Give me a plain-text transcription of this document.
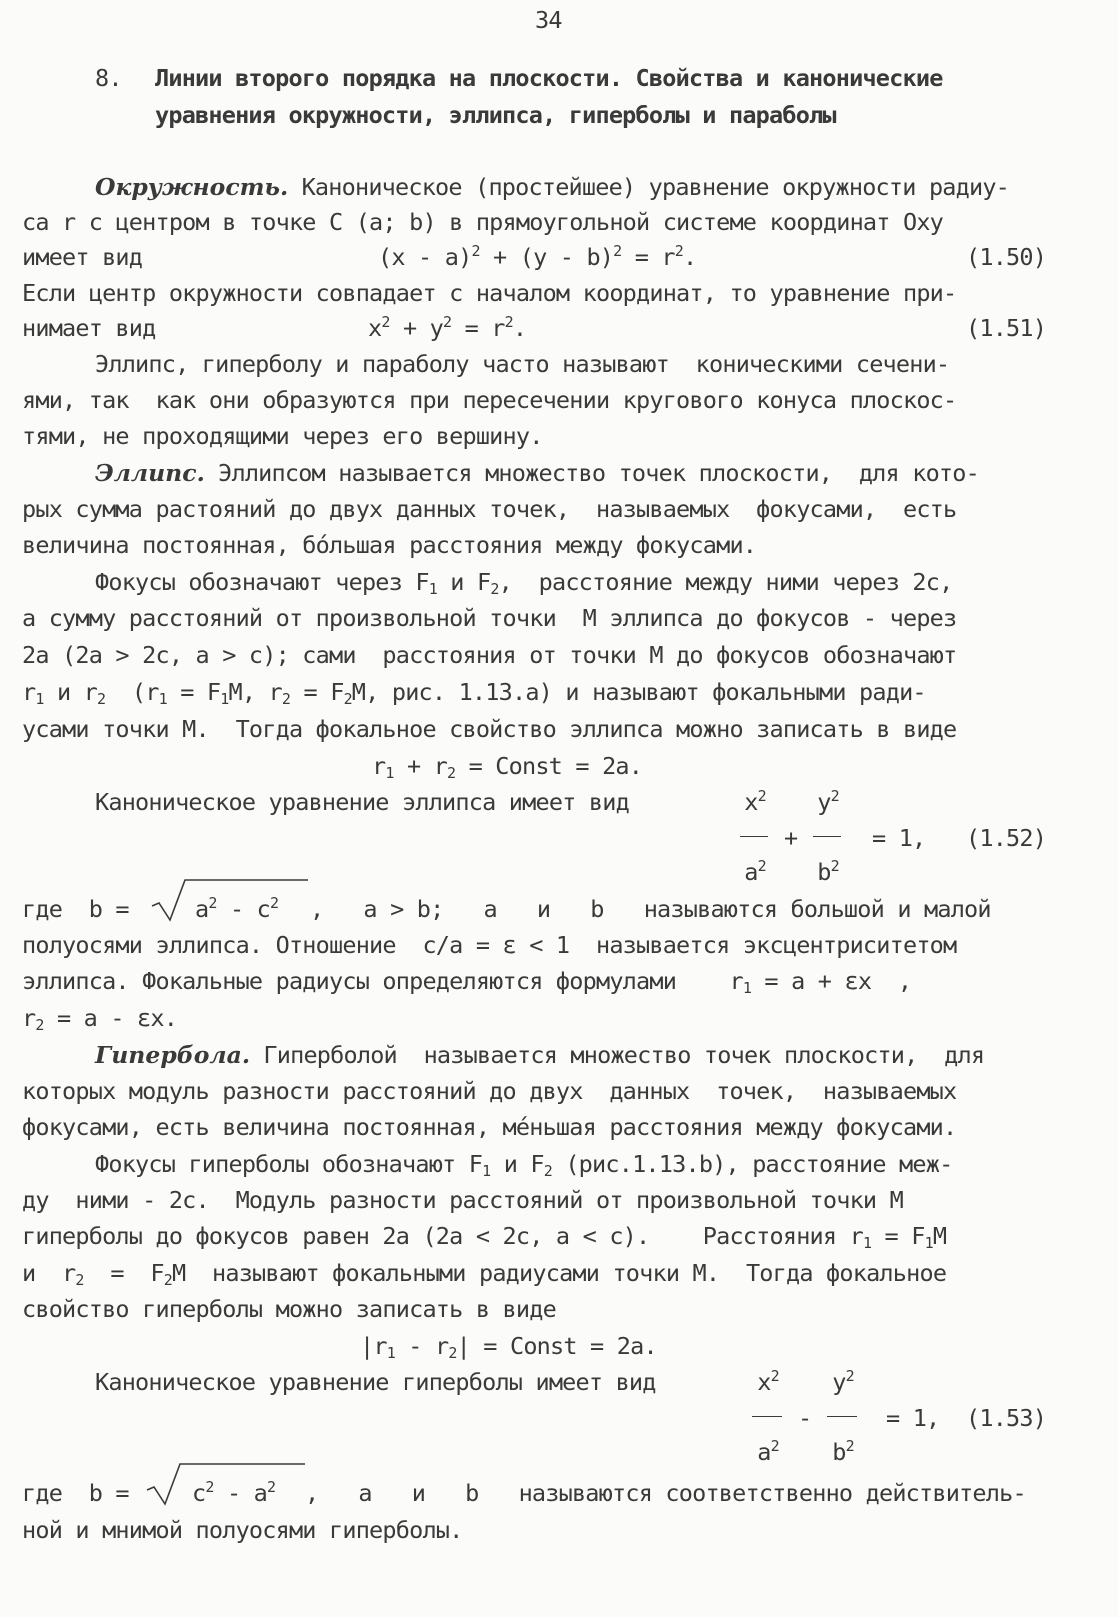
34
8. Линии второго порядка на плоскости. Свойства и канонические
уравнения окружности, эллипса, гиперболы и параболы
Окружность. Каноническое (простейшее) уравнение окружности радиу-
са r с центром в точке C (a; b) в прямоугольной системе координат Oxy
имеет вид	$(x - a)^2 + (y - b)^2 = r^2$.	(1.50)
Если центр окружности совпадает с началом координат, то уравнение при-
нимает вид	$x^2 + y^2 = r^2$.	(1.51)
Эллипс, гиперболу и параболу часто называют  коническими сечени-
ями, так  как они образуются при пересечении кругового конуса плоскос-
тями, не проходящими через его вершину.
Эллипс. Эллипсом называется множество точек плоскости,  для кото-
рых сумма растояний до двух данных точек,  называемых  фокусами,  есть
величина постоянная, бо́льшая расстояния между фокусами.
Фокусы обозначают через $F_1$ и $F_2$,  расстояние между ними через 2c,
а сумму расстояний от произвольной точки  M эллипса до фокусов - через
2a (2a > 2c, a > c); сами  расстояния от точки M до фокусов обозначают
$r_1$ и $r_2$  ($r_1 = F_1M$, $r_2 = F_2M$, рис. 1.13.a) и называют фокальными ради-
усами точки M.  Тогда фокальное свойство эллипса можно записать в виде
$r_1 + r_2$ = Const = 2a.
Каноническое уравнение эллипса имеет вид	$x^2$	$y^2$
+	= 1, (1.52)
$a^2$	$b^2$
где  b =	$a^2 - c^2$ ,   a > b;   a   и   b   называются большой и малой
полуосями эллипса. Отношение  c/a = ε < 1  называется эксцентриситетом
эллипса. Фокальные радиусы определяются формулами    $r_1 = a + \varepsilon x$  ,
$r_2 = a - \varepsilon x$.
Гипербола. Гиперболой  называется множество точек плоскости,  для
которых модуль разности расстояний до двух  данных  точек,  называемых
фокусами, есть величина постоянная, ме́ньшая расстояния между фокусами.
Фокусы гиперболы обозначают $F_1$ и $F_2$ (рис.1.13.b), расстояние меж-
ду  ними - 2c.  Модуль разности расстояний от произвольной точки M
гиперболы до фокусов равен 2a (2a < 2c, a < c).    Расстояния $r_1 = F_1M$
и  $r_2 = F_2M$  называют фокальными радиусами точки M.  Тогда фокальное
свойство гиперболы можно записать в виде
$|r_1 - r_2|$ = Const = 2a.
Каноническое уравнение гиперболы имеет вид	$x^2$	$y^2$
-	= 1, (1.53)
$a^2$	$b^2$
где  b =	$c^2 - a^2$ ,   a   и   b   называются соответственно действитель-
ной и мнимой полуосями гиперболы.
